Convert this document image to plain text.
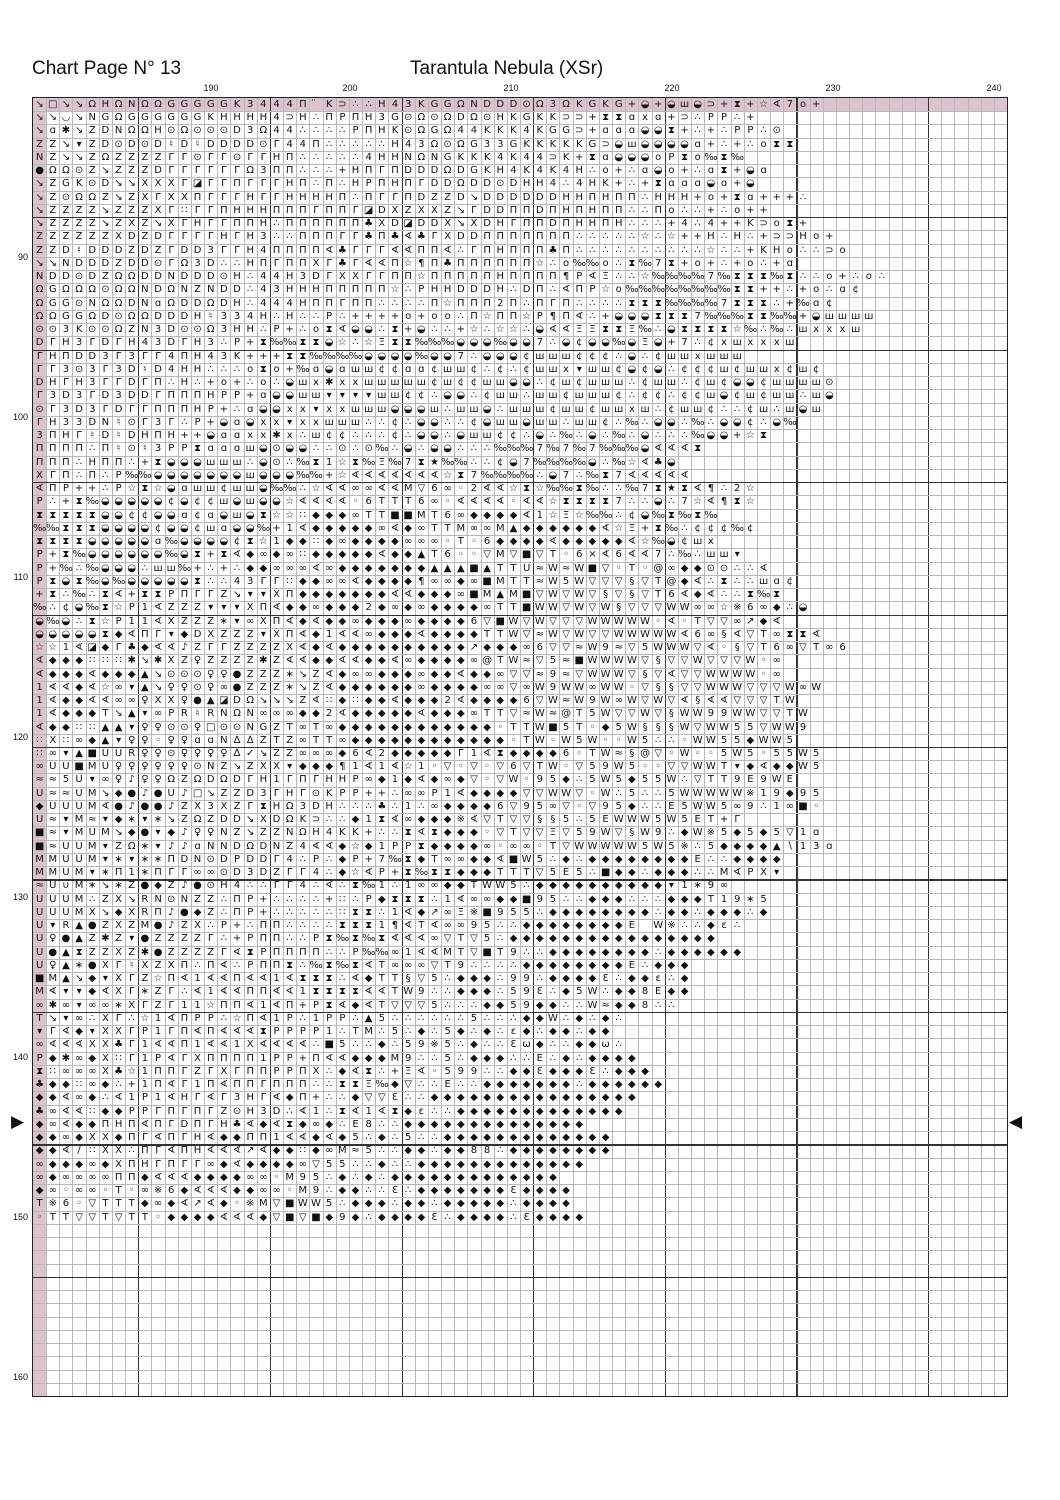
Chart Page N° 13	Tarantula Nebula (XSr)
190	200	210	220	230	240
90
100
110
120
130
140
150
160
▶	◀
↘ □ ↘ ↘ Ω Η Ω Ν Ω Ω G G G G G Κ 3 4 4 4 Π	Κ ⊃ ∴ ∴ Η 4 3 Κ G G Ω Ν D D D ⊙ Ω 3 Ω Κ G Κ G + ◒ + ◒ ш ◒ ⊃ + ⧗ + ☆ ∢ 7 o +
↘ ↘ ◡ ↘ Ν G Ω G G G G G G Κ Η Η Η Η 4 ⊃ Η ∴ Π Ρ Π Η 3 G ⊙ Ω ⊙ Ω D Ω ⊙ Η Κ G Κ Κ ⊃ ⊃ + ⧗ ⧗ ɑ x ɑ + ⊃ ∴ P P ∴ +
↘ ɑ ✱ ↘ Ζ D Ν Ω Ω Η ⊙ Ω ⊙ ⊙ ⊙ D 3 Ω 4 4 ∴ ∴ ∴ ∴ P Π Η Κ ⊙ Ω G Ω 4 4 Κ Κ Κ 4 Κ G G ⊃ + ɑ ɑ ɑ ◒ ◒ ⧗ + ∴ + ∴ P P ∴ ⊙
Ζ Ζ ↘ ▾ Ζ D ⊙ D ⊙ D ♮ D ♮ D D D D ⊙ Γ 4 4 Π ∴ ∴ ∴ ∴ ∴ Η 4 3 Ω ⊙ Ω G 3 3 G Κ Κ Κ Κ Κ G ⊃ ◒ ш ◒ ◒ ◒ ◒ ɑ + ∴ + ∴ o ⧗ ⧗
Ν Ζ ↘ ↘ Ζ Ω Ζ Ζ Ζ Ζ Γ Γ ⊙ Γ Γ ⊙ Γ Γ Η Π ∴ ∴ ∴ ∴ ∴ 4 Η Η Ν Ω Ν G Κ Κ Κ 4 Κ 4 4 ⊃ Κ + ⧗ ɑ ◒ ◒ ◒ o P ⧗ o ‰ ⧗ ‰
● Ω Ω ⊙ Ζ ↘ Ζ Ζ Ζ D Γ Γ Γ Γ Γ Γ Ω 3 Π Π ∴ ∴ ∴ + Η Π Γ Π D D D Ω D G Κ Η 4 Κ 4 Κ 4 Η ∴ o + ∴ ɑ ◒ o + ∴ ɑ ⧗ + ◒ ɑ
↘ Z G Κ ⊙ D ↘ ↘ Χ Χ Χ Γ ◪ Γ Γ Π Γ Γ Γ Η Π ∴ Π ∴ Η P Π Η Π Γ D D Ω D D ⊙ D Η Η 4 ∴ 4 Η Κ + ∴ + ⧗ ɑ ɑ ɑ ◒ ɑ + ◒
↘ Ζ ⊙ Ω Ω Ζ ↘ Ζ Χ Γ Χ Χ Π Γ Γ Γ Η Γ Γ Η Η Η Η Π ∴ Π Γ Γ Π D Ζ Ζ D ↘ D D D D D D Η Η Π Η Π Π ∴ Η Η Η + o + ⧗ ɑ + + + ∴
↘ Ζ Ζ Ζ Ζ ↘ Ζ Ζ Ζ Χ Γ ∷ Γ Γ Π Η Η Η Π Π Π Γ Π Π Γ ◪ D Χ Ζ Χ Χ Ζ ↘ Γ D D Π Π D Π Η Π Η Π Π ∴ ∴ Π o ∴ ∴ + ∴ o + +
↘ Ζ Ζ Ζ Ζ ↘ Ζ Χ Ζ ↘ Χ Γ Η Γ Γ Π Π Η ∴ Π Π Π Π Π Π ♣ Χ D ◪ D D Χ ↘ Χ D Η Γ Π Π D Π Η Η Π Η ∴ ∴ ∴ + 4 ∴ 4 + + Κ ⊃ o ⧗ +
Ζ Ζ Ζ Ζ Ζ Ζ Χ D Ζ D Γ Γ Γ Γ Η Γ Η 3 ∴ ∴ Π Π Π Γ Γ ♣ Π ♣ ∢ ♣ Γ Χ D D Π Π Π Π Π Π Π ∴ ∴ ∴ ∴ ∴ ☆ ∴ ☆ + + Η ∴ Η ∴ + ⊃ ⊃ Η o +
Ζ Ζ D ♮ D D D Ζ D Ζ Γ D D 3 Γ Γ Η 4 Π Π Π Π ∢ ♣ Γ Γ Γ ∢ ∢ Π Π ∢ ∴ Γ Π Η Π Π Π ♣ Π ∴ ∴ ∴ ∴ ∴ ∴ ∴ ∴ ∴ ∴ ☆ ∴ ∴ + Κ Η o ∴ ∴ ⊃ o
↘ ↘ Ν D D D Ζ D D ⊙ Γ Ω 3 D ∴ ∴ Η Π Γ Π Π Χ Γ ♣ Γ ∢ ∢ Π ☆ ¶ Π ♣ Π Π Π Π Π Π ☆ ∴ o ‰ ‰ o ∴ ⧗ ‰ 7 ⧗ + o + ∴ + o ∴ + ɑ
Ν D D ⊙ D Ζ Ω Ω D D Ν D D D ⊙ Η ∴ 4 4 Η 3 D Γ Χ Χ Γ Γ Π Π ☆ Π Π Π Π Π Η Π Π Π Π ¶ P ∢ Ξ ∴ ∴ ☆ ‰ ‰ ‰ ‰ 7 ‰ ⧗ ⧗ ⧗ ‰ ⧗ ∴ ∴ o + ∴ o ∴
Ω G Ω Ω Ω ⊙ Ω Ω Ν D Ω Ν Ζ Ν D D ∴ 4 3 Η Η Η Π Π Π Π Π ☆ ∴ P Η Η D D D Η ∴ D Π ∴ ∢ Π P ☆ o ‰ ‰ ‰ ‰ ‰ ‰ ‰ ‰ ⧗ ⧗ + + ∴ + o ∴ ɑ ¢
Ω G G ⊙ Ν Ω Ω D Ν ɑ Ω D D Ω D Η ∴ 4 4 4 Η Π Π Γ Π Π ∴ ∴ ∴ ∴ Π ☆ Π Π Π 2 Π ∴ Π Γ Π ∴ ∴ ∴ ∴ ⧗ ⧗ ⧗ ‰ ‰ ‰ ‰ 7 ⧗ ⧗ ⧗ ∴ + ‰ ɑ ¢
Ω Ω G G Ω D ⊙ Ω Ω D D D Η ♮ 3 3 4 Η ∴ Η ∴ ∴ P ∴ + + + + o + o o ∴ Π ☆ Π Π ☆ P ¶ Π ∢ ∴ + ◒ ◒ ◒ ⧗ ⧗ ⧗ 7 ‰ ‰ ‰ ⧗ ⧗ ‰ ‰ + ◒ ш ш ш ш
⊙ ⊙ 3 Κ ⊙ ⊙ Ω Ζ Ν 3 D ⊙ ⊙ Ω 3 Η Η ∴ P + ∴ o ⧗ ∢ ◒ ◒ ∴ ⧗ + ◒ ∴ ∴ + ☆ ∴ ☆ ☆ ∴ ◒ ∢ ∢ Ξ Ξ ⧗ ⧗ Ξ ‰ ∴ ◒ ⧗ ⧗ ⧗ ⧗ ☆ ‰ ∴ ‰ ∴ ш x x x ш
D Γ Η 3 Γ D Γ Η 4 3 D Γ Η 3 ∴ P + ⧗ ‰ ‰ ⧗ ⧗ ◒ ☆ ∴ ☆ Ξ ⧗ ⧗ ‰ ‰ ‰ ◒ ◒ ◒ ‰ ◒ ◒ 7 ∴ ◒ ¢ ◒ ◒ ‰ ◒ Ξ ◒ + 7 ∴ ¢ x ш x x x ш
Γ Η Π D D 3 Γ 3 Γ Γ 4 Π Η 4 3 Κ + + + ⧗ ⧗ ‰ ‰ ‰ ‰ ◒ ◒ ◒ ◒ ‰ ◒ ◒ 7 ∴ ◒ ◒ ◒ ¢ ш ш ш ¢ ¢ ¢ ∴ ◒ ∴ ¢ ш ш x ш ш ш
Γ Γ 3 ⊙ 3 Γ 3 D ♮ D 4 Η Η ∴ ∴ ∴ o ⧗ o + ‰ ɑ ◒ ɑ ш ш ¢ ¢ ɑ ɑ ¢ ш ш ¢ ∴ ¢ ∴ ¢ ш ш x ▾ ш ш ¢ ◒ ¢ ◒ ∴ ¢ ¢ ¢ ш ¢ ш ш x ¢ ш ¢
D Η Γ Η 3 Γ Γ D Γ Π ∴ Η ∴ + o + ∴ o ∴ ◒ ш x ✱ x x ш ш ш ш ш ¢ ш ¢ ¢ ш ш ◒ ◒ ∴ ¢ ш ¢ ш ш ш ∴ ¢ ш ш ∴ ¢ ш ¢ ◒ ◒ ¢ ш ш ш ш ⊙
Γ 3 D 3 Γ D 3 D D Γ Π Π Π Η P P + ɑ ◒ ◒ ш ш ▾ ▾ ▾ ▾ ш ш ¢ ¢ ∴ ◒ ◒ ∴ ¢ ш ш ∴ ш ш ¢ ш ш ш ¢ ∴ ¢ ¢ ∴ ¢ ¢ ш ◒ ¢ ш ¢ ш ш ∴ ш ◒
⊙ Γ 3 D 3 Γ D Γ Γ Π Π Π Η P + ∴ ɑ ◒ ◒ x x ▾ x x ш ш ш ◒ ◒ ◒ ш ∴ ш ш ◒ ∴ ш ш ш ¢ ш ш ¢ ш ш x ш ∴ ¢ ш ш ¢ ∴ ∴ ¢ ш ∴ ш ◒ ш
Γ Η 3 3 D Ν ♮ ⊙ Γ 3 Γ ∴ P + ◒ ɑ ◒ x x ▾ x x ш ш ш ∴ ∴ ¢ ∴ ◒ ◒ ∴ ∴ ¢ ◒ ш ш ◒ ш ш ∴ ш ш ¢ ∴ ‰ ∴ ◒ ◒ ∴ ‰ ∴ ◒ ◒ ¢ ∴ ◒ ‰
3 Π Η Γ ♮ D ♮ D Η Π Η + + ◒ ɑ ɑ x x ✱ x ∴ ш ¢ ¢ ∴ ∴ ∴ ¢ ∴ ◒ ◒ ∴ ◒ ш ш ¢ ¢ ∴ ◒ ∴ ‰ ∴ ◒ ∴ ‰ ∴ ◒ ∴ ∴ ∴ ‰ ◒ ◒ + ☆ ⧗
Π Π Π Π ∴ Π ♮ ⊙ ♮ 3 P P ⧗ ɑ ɑ ɑ ш ◒ ⊙ ◒ ◒ ∴ ∴ ⊙ ∴ ⊙ ‰ ∴ ◒ ∴ ◒ ◒ ∴ ∴ ∴ ‰ ‰ ‰ 7 ‰ 7 ‰ 7 ‰ ‰ ‰ ◒ ∢ ∢ ∢ ⧗
Π Π Π ∴ Η Π Π ∴ + ⧗ ◒ ◒ ◒ ш ш ш ∴ ◒ ⊙ ∴ ‰ ⧗ 1 ☆ ⧗ ‰ Ξ ‰ 7 ⧗ ★ ‰ ‰ ∴ ∴ ¢ ◒ 7 ‰ ‰ ‰ ‰ ◒ ∴ ‰ ☆ ∢ ♣ ◒
Χ Γ Π ∴ Π ∴ P ‰ ‰ ◒ ◒ ◒ ◒ ◒ ◒ ◒ ш ◒ ◒ ◒ ‰ ‰ + ☆ ∢ ∢ ∢ ∢ ∢ ∢ ∢ ☆ ⧗ 7 ‰ ‰ ‰ ‰ ∴ ◒ 7 ∴ ‰ ⧗ 7 ∢ ∢ ∢ ∢ ∢
∢ Π P + + ∴ P ☆ ⧗ ☆ ◒ ɑ ш ш ¢ ш ш ◒ ‰ ‰ ∴ ☆ ∢ ∢ ∞ ∞ ∢ ∢ M ▽ 6 ∞ ◦ 2 ∢ ∢ ☆ ⧗ ☆ ‰ ‰ ⧗ ‰ ∴ ∴ ‰ 7 ⧗ ★ ⧗ ∢ ¶ ∴ 2 ☆
P ∴ + ⧗ ‰ ◒ ◒ ◒ ◒ ◒ ¢ ◒ ¢ ¢ ш ◒ ш ◒ ◒ ☆ ∢ ∢ ∢ ∢ ◦ 6 T T T 6 ∞ ◦ ∢ ∢ ∢ ∢ ◦ ∢ ∢ ☆ ⧗ ⧗ ⧗ ⧗ 7 ∴ ∴ ◒ ∴ 7 ☆ ∢ ¶ ⧗ ☆
⧗ ⧗ ⧗ ⧗ ⧗ ◒ ◒ ¢ ¢ ◒ ◒ ɑ ¢ ɑ ◒ ш ◒ ⧗ ☆ ☆ ∷ ◆ ◆ ◆ ∞ T T ■ ■ M T 6 ∞ ◆ ◆ ◆ ◆ ∢ 1 ☆ Ξ ☆ ‰ ‰ ∴ ¢ ◒ ‰ ⧗ ‰ ⧗ ‰
‰ ‰ ⧗ ⧗ ⧗ ◒ ◒ ◒ ◒ ¢ ◒ ◒ ¢ ш ɑ ◒ ◒ ‰ + 1 ∢ ◆ ◆ ◆ ◆ ◆ ∞ ∢ ◆ ∞ T T M ∞ ∞ M ▲ ◆ ◆ ◆ ◆ ◆ ◆ ∢ ☆ Ξ + ⧗ ‰ ∴ ¢ ¢ ¢ ‰ ¢
⧗ ⧗ ⧗ ⧗ ◒ ◒ ◒ ◒ ◒ ɑ ‰ ◒ ◒ ◒ ◒ ¢ ⧗ ☆ 1 ◆ ◆ ∷ ◆ ∞ ◆ ◆ ◆ ◆ ∞ ∞ ∞ ◦ T ◦ 6 ◆ ◆ ◆ ◆ ∢ ◆ ◆ ◆ ◆ ◆ ∢ ☆ ‰ ◒ ¢ ш x
P + ⧗ ‰ ◒ ◒ ◒ ◒ ◒ ◒ ‰ ◒ ⧗ + ⧗ ∢ ◆ ∞ ◆ ∞ ∷ ◆ ◆ ◆ ◆ ◆ ∢ ◆ ◆ ▲ T 6 ◦ ◦ ▽ M ▽ ■ ▽ T ◦ 6 ⨯ ∢ 6 ∢ ∢ 7 ∴ ‰ ∴ ш ш ▾
P + ‰ ∴ ‰ ◒ ◒ ◒ ∴ ш ш ‰ + ∴ + ∴ ◆ ◆ ∞ ∞ ∞ ∢ ∞ ◆ ◆ ◆ ◆ ◆ ◆ ◆ ▲ ▲ ▲ ■ ▲ T T U ≈ W ≈ W ■ ▽ ◦ T ◦ @ ∞ ◆ ◆ ⊙ ⊙ ∴ ∴ ∢
P ⧗ ◒ ⧗ ‰ ◒ ‰ ◒ ◒ ◒ ◒ ◒ ⧗ ∴ ∴ 4 3 Γ Γ ∷ ◆ ◆ ∞ ∞ ∢ ◆ ◆ ◆ ◆ ¶ ∞ ∞ ◆ ∞ ■ M T T ≈ W 5 W ▽ ▽ ▽ § ▽ T @ ◆ ∢ ∴ ⧗ ∴ ∴ ш ɑ ¢
+ ⧗ ∴ ‰ ∴ ⧗ ∢ + ⧗ ⧗ P Π Γ Γ Ζ ↘ ▾ ▾ Χ Π ◆ ◆ ◆ ◆ ◆ ◆ ◆ ∢ ∢ ◆ ◆ ◆ ∞ ■ M ▲ M ■ ▽ W ▽ W ▽ § ▽ § ▽ T 6 ∢ ◆ ∢ ∴ ∴ ⧗ ‰ ⧗
‰ ∴ ¢ ◒ ‰ ⧗ ☆ P 1 ∢ Ζ Ζ Ζ ▾ ▾ ▾ Χ Π ∢ ◆ ◆ ∞ ◆ ◆ ◆ 2 ◆ ∞ ◆ ∞ ◆ ◆ ◆ ◆ ∞ T T ■ W W ▽ W ▽ W § ▽ ▽ ▽ W W ∞ ∞ ☆ ※ 6 ∞ ◆ ∴ ◒
◒ ‰ ◒ ∴ ⧗ ☆ P 1 1 ∢ Χ Ζ Ζ Ζ ∗ ▾ ∞ Χ Π ∢ ◆ ∢ ◆ ◆ ∞ ◆ ◆ ◆ ∞ ◆ ◆ ◆ ◆ 6 ▽ ■ W ▽ W ▽ ▽ ▽ W W W W W ◦ ∢ ◦ T ▽ ▽ ∞ ↗ ◆ ∢
◒ ◒ ◒ ◒ ◒ ⧗ ◆ ∢ Π Γ ▾ ◆ D Χ Ζ Ζ Ζ ▾ Χ Π ∢ ◆ 1 ∢ ∢ ∞ ◆ ◆ ◆ ∢ ◆ ◆ ◆ ◆ T T W ▽ ≈ W ▽ W ▽ ▽ W W W W W ∢ 6 ∞ § ∢ ▽ T ∞ ⧗ ⧗ ∢
☆ ☆ 1 ∢ ◪ ◆ Γ ♣ ◆ ∢ ∢ ♪ Ζ Γ Γ Ζ Ζ Ζ Ζ Χ ∢ ◆ ∢ ◆ ◆ ◆ ◆ ◆ ◆ ◆ ◆ ◆ ◆ ↗ ◆ ◆ ◆ ∞ 6 ▽ ▽ ≈ W 9 ≈ ▽ 5 W W W ▽ ∢ ◦ § ▽ T 6 ∞ ▽ T ∞ 6
∢ ◆ ◆ ◆ ∷ ∷ ∷ ✱ ↘ ✱ Χ Ζ ♀ Ζ Ζ Ζ Ζ ✱ Ζ ∢ ∢ ◆ ◆ ∢ ∢ ◆ ◆ ∢ ∞ ◆ ◆ ◆ ◆ ∞ @ T W ≈ ▽ 5 ≈ ■ W W W W ▽ § ▽ ▽ W ▽ ▽ ▽ W ◦ ∞
∢ ◆ ◆ ◆ ∢ ◆ ◆ ◆ ▲ ↘ ⊙ ⊙ ⊙ ♀ ♀ ● Ζ Ζ Ζ ∗ ↘ Ζ ∢ ◆ ∞ ∞ ◆ ◆ ◆ ∞ ◆ ◆ ∢ ◆ ◆ ∞ ▽ ▽ ≈ 9 ≈ ▽ W W W ▽ § ▽ ∢ ▽ ▽ W W W W ◦ ∞
1 ∢ ∢ ◆ ∢ ☆ ∞ ▾ ▲ ↘ ♀ ♀ ⊙ ♀ ∞ ● Ζ Ζ Ζ ∗ ↘ Ζ ∢ ◆ ◆ ◆ ◆ ◆ ◆ ∞ ◆ ◆ ◆ ◆ ∞ ∞ ▽ ∞ W 9 W W ∞ W W ◦ ▽ § § ▽ ▽ W W W ▽ ▽ ▽ W ∞ W
1 ∢ ◆ ◆ ∢ ∢ ∞ ∞ ♀ Χ Χ ♀ ● ▲ ◪ D Ω ↘ ↘ ↘ Ζ ∢ ∷ ◆ ∷ ◆ ◆ ∢ ◆ ◆ ◆ 2 ∢ ◆ ◆ ◆ ◆ 6 ▽ W ≈ W 9 W ∞ W ▽ W ▽ ∢ § ∢ ∢ ▽ ▽ ▽ T W
1 ∢ ◆ ◆ ◆ T ↘ ▲ ▾ ∞ Ρ R ♮ R Ν Ω Ν ∞ ∞ ∞ ◆ ◆ 2 ∢ ◆ ◆ ◆ ◆ ◆ ∢ ◆ ◆ ◆ ∞ T T ▽ ≈ W ≈ @ T 5 W ▽ ▽ W ▽ § W W 9 9 W W ▽ ▽ T W
∢ ◆ ◆ ∷ ∷ ▲ ▲ ▾ ♀ ♀ ⊙ ⊙ ♀ □ ⊙ ⊙ Ν G Ζ T ∞ T ∞ ◆ ◆ ◆ ◆ ◆ ◆ ◆ ◆ ◆ ◆ ◆ ◆ ◦ T T W ■ 5 T ◦ ◆ 5 W § § § W ▽ W W 5 5 ▽ W W 9
∷ Χ ∷ ∞ ◆ ▲ ▾ ♀ ♀ ◦ ♀ ♀ ɑ ɑ Ν ∆ ∆ Ζ T Ζ ∞ T T ∞ ◆ ◆ ◆ ◆ ◆ ◆ ◆ ◆ ◆ ◆ ◆ ◆ ◦ T W ◦ W 5 W ◦ ◦ W 5 ∴ ∴ ◦ W W 5 5 ◆ W W 5
∷ ∞ ▾ ▲ ■ U U R ♀ ♀ ⊙ ♀ ♀ ♀ ♀ ∆ ✓ ↘ Ζ Ζ ∞ ∞ ∞ ◆ 6 ∢ 2 ◆ ◆ ◆ ◆ ◆ Γ 1 ∢ ⧗ ◆ ◆ ◆ ◆ 6 ◦ T W ≈ § @ ▽ ◦ W ◦ ◦ 5 W 5 ◦ 5 5 W 5
∞ U U ■ M U ♀ ♀ ♀ ♀ ♀ ♀ ⊙ Ν Ζ ↘ Ζ Χ Χ ▾ ◆ ◆ ◆ ¶ 1 ∢ 1 ∢ ☆ 1 ◦ ▽ ◦ ▽ ◦ ▽ 6 ▽ T W ◦ ▽ 5 9 W 5 ◦ ◦ ▽ ▽ W W T ▾ ◆ ∢ ◆ ◆ W 5
≈ ≈ 5 U ▾ ∞ ♀ ♪ ♀ ♀ Ω Ζ Ω D Ω D Γ Η 1 Γ Π Γ Η Η P ∞ ◆ 1 ◆ ∢ ◆ ∞ ◆ ▽ ◦ ▽ W ◦ 9 5 ◆ ∴ 5 W 5 ◆ 5 5 W ∴ ▽ T T 9 E 9 W E
U ≈ ≈ U M ↘ ◆ ● ♪ ● U ♪ □ ↘ Ζ Ζ D 3 Γ Η Γ ⊙ Κ P P + + ∴ ∞ ∞ P 1 ∢ ◆ ◆ ◆ ◆ ▽ ▽ W W ▽ ◦ W ∴ 5 ∴ ∴ 5 W W W W W ※ 1 9 ◆ 9 5
◆ U U U M ∢ ● ♪ ● ● ♪ Ζ Χ 3 Χ Ζ Γ ⧗ Η Ω 3 D Η ∴ ∴ ∴ ♣ ∴ 1 ∴ ∞ ◆ ◆ ◆ ◆ 6 ▽ 9 5 ∞ ▽ ◦ ▽ 9 5 ◆ ∴ ∴ E 5 W W 5 ∞ 9 ∴ 1 ∞ ■ ◦
U ≈ ▾ M ≈ ▾ ◆ ∗ ▾ ∗ ↘ Ζ Ω Ζ D D ↘ Χ D Ω Κ ⊃ ∴ ∴ ◆ 1 ⧗ ∢ ∞ ◆ ◆ ◆ ※ ∢ ▽ T ▽ ▽ § § 5 ∴ 5 E W W W 5 W 5 E T + Γ
■ ≈ ▾ M U M ↘ ◆ ● ▾ ◆ ♪ ♀ ♀ Ν Ζ ↘ Ζ Ζ Ν Ω Η 4 Κ Κ + ∴ ∴ ⧗ ∢ ⧗ ◆ ◆ ◆ ◦ ▽ T ▽ ▽ Ξ ▽ 5 9 W ▽ § W 9 ∴ ◆ W ※ 5 ◆ 5 ◆ 5 ▽ 1 ɑ
■ ≈ U U M ▾ Ζ Ω ∗ ▾ ♪ ♪ ɑ Ν Ν D Ω D Ν Ζ 4 ∢ ∢ ◆ ☆ ◆ 1 P P ⧗ ◆ ◆ ◆ ◆ ∞ ◦ ∞ ∞ ◦ T ▽ W W W W W 5 W 5 ※ ∴ 5 ◆ ◆ ◆ ◆ ▲ ∖ 1 3 ɑ
M M U U M ▾ ∗ ▾ ∗ ∗ Π D Ν ⊙ D P D D Γ 4 ∴ P ∴ ◆ P + 7 ‰ ⧗ ◆ T ∞ ∞ ◆ ◆ ∢ ■ W 5 ∴ ◆ ∴ ◆ ◆ ◆ ◆ ◆ ◆ ◆ ◆ E ∴ ∴ ◆ ◆ ◆ ◆
M M U M ▾ ∗ Π 1 ∗ Π Γ Γ ∞ ∞ ⊙ D 3 D Ζ Γ Γ 4 ∴ ◆ ☆ ∢ P + ⧗ ‰ ⧗ ⧗ ◆ ◆ ◆ T T T ▽ 5 E 5 ∴ ■ ◆ ◆ ∴ ◆ ◆ ◆ ∴ ∴ M ∢ P Χ ▾
≈ U ∪ M ∗ ↘ ∗ Ζ ● ◆ Ζ ♪ ● ⊙ Η 4 ∴ ∴ Γ Γ 4 ∴ ∢ ∴ ⧗ ‰ 1 ∴ 1 ∞ ∞ ◆ ◆ T W W 5 ∴ ◆ ◆ ◆ ◆ ◆ ◆ ◆ ◆ ◆ ◆ ▾ 1 ∗ 9 ∞
U U U M ∴ Ζ Χ ↘ R Ν ⊙ Ν Ζ Ζ ∴ Π P + ∴ ∴ ∴ ∴ + ∷ ∴ P ◆ ⧗ ⧗ ⧗ ∴ 1 ∢ ∞ ∞ ◆ ◆ ■ 9 5 ∴ ∴ ◆ ◆ ◆ ∴ ∴ ∴ ◆ ◆ ◆ T 1 9 ∗ 5
U U U M Χ ↘ ◆ Χ R Π ♪ ● ◆ Ζ ∴ Π P + ∴ ∴ ∴ ∴ ∴ ∷ ⧗ ⧗ ∴ 1 ∢ ◆ ↗ ∞ Ξ ※ ■ 9 5 5 ∴ ◆ ◆ ◆ ◆ ◆ ◆ ◆ ◆ ∴ ◆ ◆ ∴ ◆ ◆ ◆ ∴ ◆
U ▾ R ▲ ● Ζ Χ Ζ M ● ♪ Ζ Χ ∴ P + ∴ Π Π ∴ ∴ ∴ ∴ ⧗ ⧗ ⧗ 1 ¶ ∢ T ∢ ∞ ∞ 9 5 ∴ ∴ ◆ ◆ ◆ ◆ ◆ ◆ ◆ ◆ E	W ※ ∴ ∴ ◆ ε ∴
U ♀ ● ▲ Ζ ✱ Ζ ▾ ● Ζ Ζ Ζ Ζ Γ ∴ + P Π Π ∴ ∴ P ⧗ ‰ ⧗ ‰ ⧗ ∢ ∢ ∢ ∞ ▽ T ▽ 5 ∴ ◆ ◆ ◆ ◆ ◆ ◆ ◆ ◆ ◆ ◆ ◆ ◆ ◆ ◆ ◆ ◆
U ● ▲ ⧗ Ζ Ζ Χ Ζ ✱ ● Ζ Ζ Ζ Ζ Γ ∢ ⧗ P Π Π Π Π ∴ ∴ P ‰ ‰ ∞ 1 ∢ ∢ M T ▽ ■ T 9 ∴ ∴ ◆ ◆ ◆ ◆ ◆ ◆ ◆ ◆ ∴ ◆ ◆ ◆ ◆ ◆ ◆
U ♀ ▲ ∗ ● Χ Γ ♮ Χ Ζ Χ Π ∴ Π ∢ ∴ P Π Π ⧗ ∴ ‰ ⧗ ‰ ⧗ ∢ T ∞ ∞ ∞ ▽ T 9 ∴ ∴ ∴ ∴ ◆ ◆ ◆ ◆ ◆ ◆ ◆ ◆ E ∴ ◆ ◆ ◆
■ M ▲ ↘ ◆ ▾ Χ Γ Ζ ☆ Π ∢ 1 ∢ ∢ Π ∢ ∢ 1 ∢ ⧗ ⧗ ⧗ ∴ ∢ ◆ T T § ▽ 5 ∴ ◆ ◆ ◆ ∴ 9 9 ∴ ◆ ◆ ◆ ◆ Ɛ ∴ ◆ ◆ ε ∴ ◆
M ∢ ▾ ▾ ◆ ∢ Χ Γ ∗ Ζ Γ ∴ ∢ 1 ∢ ∢ Π Π ∢ ∢ 1 ⧗ ⧗ ⧗ ⧗ ∢ ∢ T W 9 ∴ ∴ ◆ ◆ ◆ ∴ 5 9 Ɛ ∴ ◆ 5 W ∴ ◆ ◆ 8 E ◆ ◆
∞ ✱ ∞ ▾ ∞ ∞ ∗ Χ Γ Ζ Γ 1 1 ☆ Π Π ∢ 1 ∢ Π + P ⧗ ∢ ◆ ∢ T ▽ ▽ ▽ 5 ∴ ∴ ∴ ◆ ◆ 5 9 ◆ ◆ ∴ ∴ W ≈ ◆ ◆ 8 ∴ ∴
T ↘ ▾ ∞ ∴ Χ Γ ∴ ☆ 1 ∢ Π P P ∴ ☆ Π ∢ 1 P ∴ 1 P P ∴ ▲ 5 ∴ ∴ ∴ ∴ ∴ ∴ 5 ∴ ∴ ∴ ◆ ◆ W ∴ ◆ ∴ ◆ ∴
▾ Γ ∢ ◆ ▾ Χ Χ Γ P 1 Γ Π ∢ Π ∢ ∢ ∢ ⧗ P P P P 1 ∴ T M ∴ 5 ∴ ◆ ∴ 5 ◆ ∴ ◆ ∴ ε ◆ ∴ ◆ ◆ ∴ ◆ ◆
∞ ∢ ∢ ∢ Χ Χ ♣ Γ 1 ∢ ∢ Π 1 ∢ ∢ 1 Χ ∢ ∢ ∢ ∢ ∴ ■ 5 ∴ ∴ ◆ ∴ 5 9 ※ 5 ∴ ◆ ∴ ∴ Ɛ ω ◆ ∴ ∴ ◆ ◆ ω ∴
P ◆ ✱ ∞ ◆ Χ ∷ Γ 1 P ∢ Γ Χ Π Π Π Π 1 P P + Π ∢ ∢ ◆ ◆ ◆ M 9 ∴ ∴ 5 ∴ ◆ ◆ ◆ ∴ ∴ E ∴ ◆ ∴ ◆ ◆ ◆ ◆
⧗ ∷ ∞ ∞ ∞ Χ ♣ ☆ 1 Π Π Γ Ζ Γ Χ Γ Π Π P P Π Χ ∴ ◆ ∢ ⧗ ∴ + Ξ ∢ ◦ 5 9 9 ∴ ∴ ◆ ◆ Ɛ ◆ ◆ ◆ Ɛ ∴ ◆ ◆ ◆
♣ ◆ ◆ ∷ ∞ ◆ ∴ + 1 Π ∢ Γ 1 Π ∢ Π Π Γ Π Π Π ∴ ∴ ⧗ ⧗ Ξ ‰ ◆ ▽ ∴ ∴ E ∴ ∴ ◆ ◆ ◆ ◆ ◆ ◆ ◆ ∴ ◆ ◆ ◆ ◆ ◆ ◆
◆ ◆ ∢ ∞ ◆ ∴ ∢ 1 P 1 ∢ Η Γ ∢ Γ 3 Η Γ ∢ ◆ Π + ∴ ∴ ◆ ▽ ▽ Ɛ ∴ ∴ ◆ ◆ ◆ ◆ ◆ ◆ ◆ ◆ ◆ ◆ ◆ ◆ ◆ ◆ ◆ ◆
♣ ∞ ∢ ∢ ∷ ◆ ◆ P P Γ Π Γ Π Γ Ζ ⊙ Η 3 D ∴ ∢ 1 ∴ ⧗ ∢ 1 ∢ ⧗ ◆ ε ∴ ∴ ◆ ◆ ◆ ◆ ◆ ◆ ◆ ◆ ◆ ◆ ◆ ◆ ◆
◆ ∞ ∢ ◆ ◆ Π Η Π ∢ Π Γ D Π Γ Η ♣ ∢ ◆ ∢ ⧗ ◆ ∞ ◆ ∴ E 8 ∴ ∴ ◆ ◆ ◆ ◆ ◆ ◆ ◆ ◆ ◆ ◆ ◆ ◆ ◆ ◆
◆ ◆ ∞ ◆ Χ Χ ◆ Π Γ ∢ Π Γ Η ∢ ◆ ◆ Π Π 1 ∢ ∢ ◆ ∢ ◆ 5 ∴ ◆ ∴ 5 ∴ ∴ ◆ ◆ ◆ ◆ ◆ ◆ ◆ ◆ ◆ ◆ ◆ ◆ ◆
◆ ◆ ∢ ∕ ∷ Χ Χ ∴ Π Γ ∢ Π Η ∢ ∢ ∢ ↗ ∢ ◆ ◆ ∷ ◆ ∞ M ≈ 5 ∴ ∴ ◆ ◆ ∴ ◆ ◆ 8 8 ∴ ◆ ◆ ◆ ◆ ◆ ◆ ◆ ◆
∞ ◆ ◆ ◆ ∞ ◆ Χ Π Η Γ Π Γ Γ ∞ ◆ ∢ ◆ ◆ ◆ ◆ ∞ ▽ 5 5 ∴ ∴ ◆ ∴ ∴ ◆ ◆ ◆ ◆ ◆ ◆ ◆ ◆ ◆ ◆ ◆ ◆ ◆
∞ ◆ ∞ ∞ ∞ ∞ Π Π ◆ ∢ ∢ ∢ ◆ ◆ ◆ ◆ ∞ ∞ ◦ M 9 5 ∴ ◆ ∴ ◆ ∴ ◆ ◆ ◆ ◆ ◆ ◆ ◆ ◆ ◆ ◆ ◆ ◆ ◆
◆ ∞ ◦ ∞ ∞ ◦ T ◦ ∞ ※ 6 ◆ ∢ ∢ ∢ ◆ ◆ ∞ ∞ ◦ M 9 ∴ ◆ ◆ ∴ ∴ Ɛ ∴ ◆ ◆ ◆ ◆ ◆ ◆ ◆ Ɛ ◆ ◆ ◆ ◆
T ※ 6 ◦ ▽ T T T ◆ ∞ ◆ ∢ ↗ ∢ ◆ ◦ ※ M ▽ ■ W W 5 ∴ ◆ ◆ ◆ ∴ ◆ ◆ ∴ ◆ ◆ ◆ ◆ ◆ ∴ ◆ ◆ ◆ ◆
◦ T T ▽ ▽ T ▽ T T ◦ ◆ ◆ ◆ ◆ ∢ ∢ ∢ ◆ ▽ ■ ▽ ■ ◆ 9 ◆ ∴ ◆ ◆ ◆ ◆ Ɛ ∴ ◆ ◆ ◆ ◆ ∴ Ɛ ◆ ◆ ◆ ◆
